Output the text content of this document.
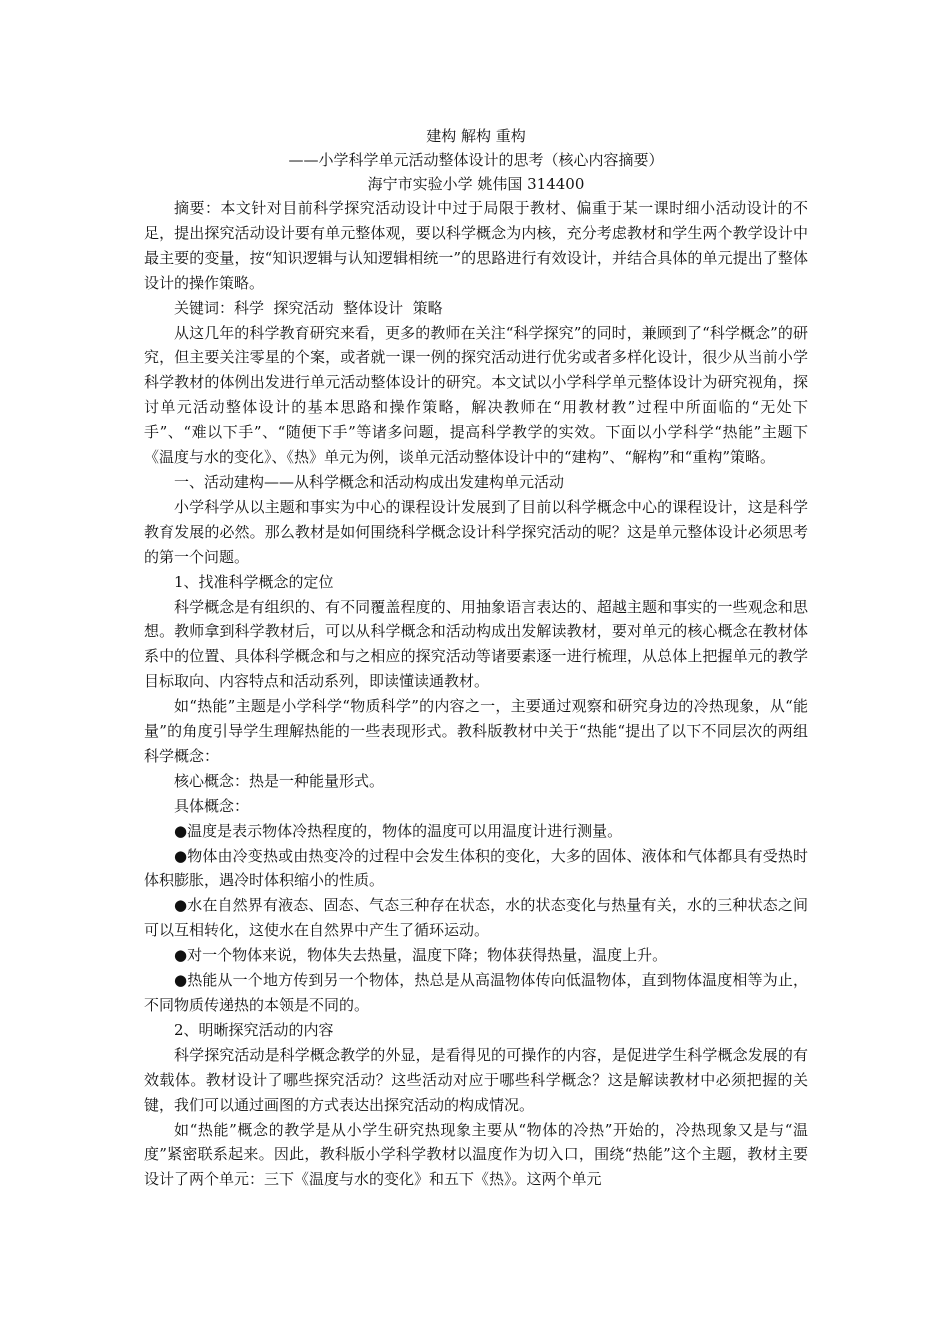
建构 解构 重构
——小学科学单元活动整体设计的思考（核心内容摘要）
海宁市实验小学 姚伟国 314400

摘要：本文针对目前科学探究活动设计中过于局限于教材、偏重于某一课时细小活动设计的不足，提出探究活动设计要有单元整体观，要以科学概念为内核，充分考虑教材和学生两个教学设计中最主要的变量，按“知识逻辑与认知逻辑相统一”的思路进行有效设计，并结合具体的单元提出了整体设计的操作策略。

关键词：科学  探究活动  整体设计  策略

从这几年的科学教育研究来看，更多的教师在关注“科学探究”的同时，兼顾到了“科学概念”的研究，但主要关注零星的个案，或者就一课一例的探究活动进行优劣或者多样化设计，很少从当前小学科学教材的体例出发进行单元活动整体设计的研究。本文试以小学科学单元整体设计为研究视角，探讨单元活动整体设计的基本思路和操作策略，解决教师在“用教材教”过程中所面临的“无处下手”、“难以下手”、“随便下手”等诸多问题，提高科学教学的实效。下面以小学科学“热能”主题下《温度与水的变化》、《热》单元为例，谈单元活动整体设计中的“建构”、“解构”和“重构”策略。

一、活动建构——从科学概念和活动构成出发建构单元活动

小学科学从以主题和事实为中心的课程设计发展到了目前以科学概念中心的课程设计，这是科学教育发展的必然。那么教材是如何围绕科学概念设计科学探究活动的呢？这是单元整体设计必须思考的第一个问题。

1、找准科学概念的定位

科学概念是有组织的、有不同覆盖程度的、用抽象语言表达的、超越主题和事实的一些观念和思想。教师拿到科学教材后，可以从科学概念和活动构成出发解读教材，要对单元的核心概念在教材体系中的位置、具体科学概念和与之相应的探究活动等诸要素逐一进行梳理，从总体上把握单元的教学目标取向、内容特点和活动系列，即读懂读通教材。

如“热能”主题是小学科学“物质科学”的内容之一，主要通过观察和研究身边的冷热现象，从“能量”的角度引导学生理解热能的一些表现形式。教科版教材中关于“热能“提出了以下不同层次的两组科学概念：

核心概念：热是一种能量形式。

具体概念：

●温度是表示物体冷热程度的，物体的温度可以用温度计进行测量。

●物体由冷变热或由热变冷的过程中会发生体积的变化，大多的固体、液体和气体都具有受热时体积膨胀，遇冷时体积缩小的性质。

●水在自然界有液态、固态、气态三种存在状态，水的状态变化与热量有关，水的三种状态之间可以互相转化，这使水在自然界中产生了循环运动。

●对一个物体来说，物体失去热量，温度下降；物体获得热量，温度上升。

●热能从一个地方传到另一个物体，热总是从高温物体传向低温物体，直到物体温度相等为止，不同物质传递热的本领是不同的。

2、明晰探究活动的内容

科学探究活动是科学概念教学的外显，是看得见的可操作的内容，是促进学生科学概念发展的有效载体。教材设计了哪些探究活动？这些活动对应于哪些科学概念？这是解读教材中必须把握的关键，我们可以通过画图的方式表达出探究活动的构成情况。

如“热能”概念的教学是从小学生研究热现象主要从“物体的冷热”开始的，冷热现象又是与“温度”紧密联系起来。因此，教科版小学科学教材以温度作为切入口，围绕“热能”这个主题，教材主要设计了两个单元：三下《温度与水的变化》和五下《热》。这两个单元
